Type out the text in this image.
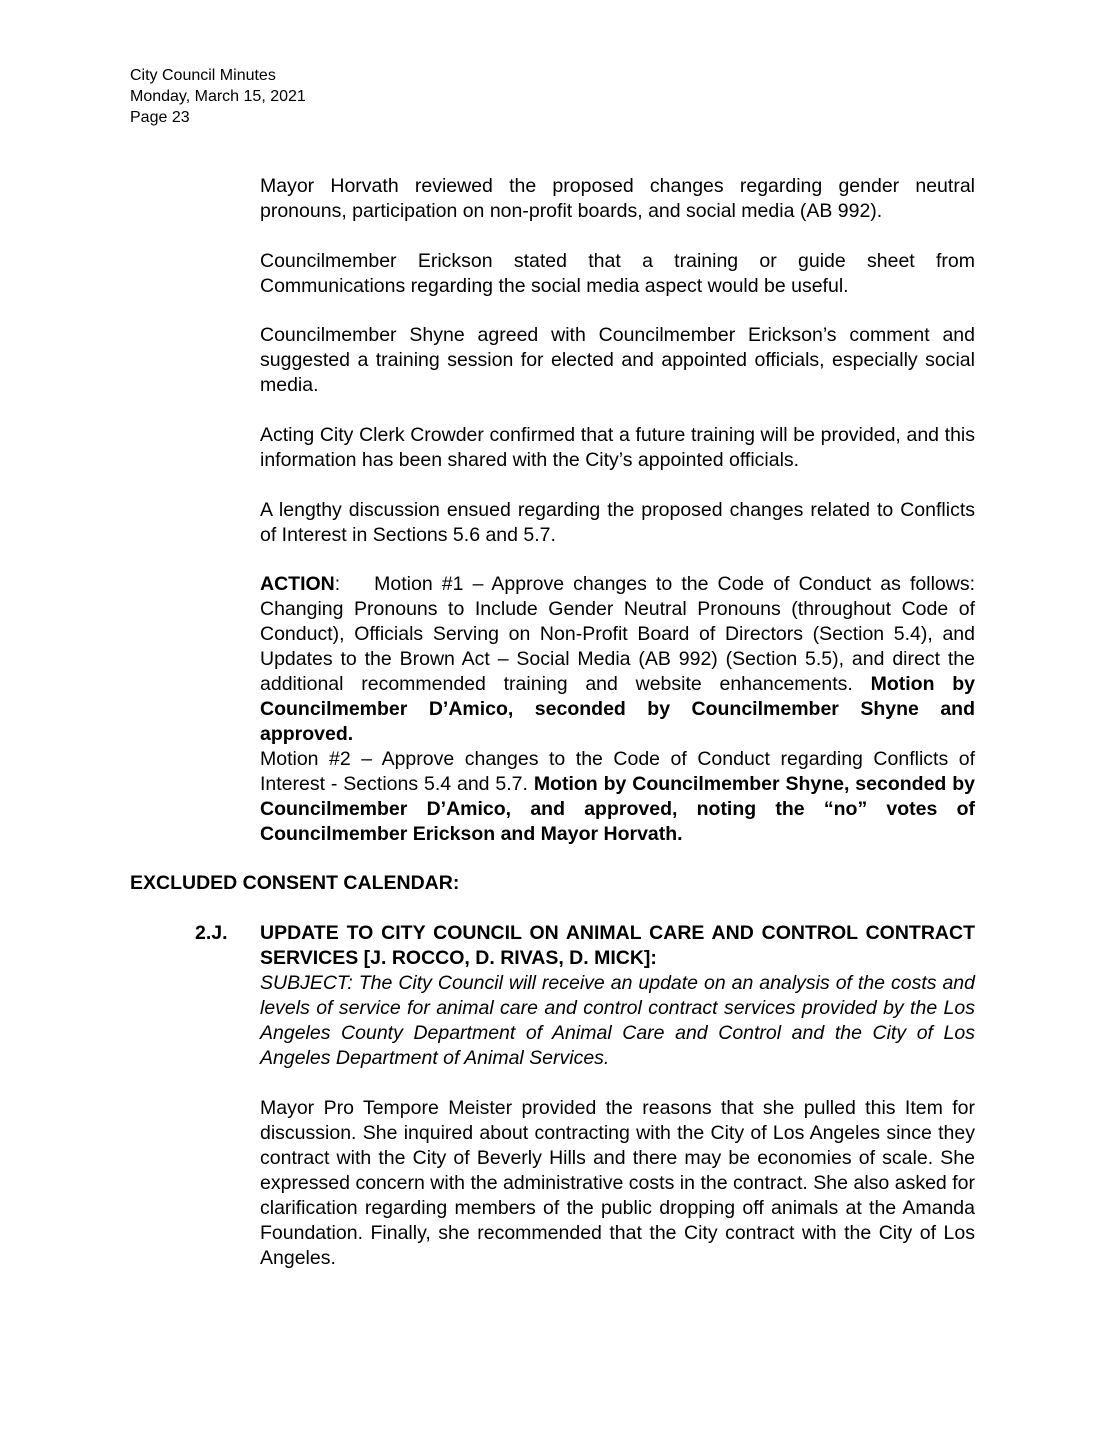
City Council Minutes
Monday, March 15, 2021
Page 23

Mayor Horvath reviewed the proposed changes regarding gender neutral pronouns, participation on non-profit boards, and social media (AB 992).

Councilmember Erickson stated that a training or guide sheet from Communications regarding the social media aspect would be useful.

Councilmember Shyne agreed with Councilmember Erickson’s comment and suggested a training session for elected and appointed officials, especially social media.

Acting City Clerk Crowder confirmed that a future training will be provided, and this information has been shared with the City’s appointed officials.

A lengthy discussion ensued regarding the proposed changes related to Conflicts of Interest in Sections 5.6 and 5.7.

ACTION: Motion #1 – Approve changes to the Code of Conduct as follows: Changing Pronouns to Include Gender Neutral Pronouns (throughout Code of Conduct), Officials Serving on Non-Profit Board of Directors (Section 5.4), and Updates to the Brown Act – Social Media (AB 992) (Section 5.5), and direct the additional recommended training and website enhancements. Motion by Councilmember D’Amico, seconded by Councilmember Shyne and approved.

Motion #2 – Approve changes to the Code of Conduct regarding Conflicts of Interest - Sections 5.4 and 5.7. Motion by Councilmember Shyne, seconded by Councilmember D’Amico, and approved, noting the “no” votes of Councilmember Erickson and Mayor Horvath.

EXCLUDED CONSENT CALENDAR:
2.J. UPDATE TO CITY COUNCIL ON ANIMAL CARE AND CONTROL CONTRACT SERVICES [J. ROCCO, D. RIVAS, D. MICK]:

SUBJECT: The City Council will receive an update on an analysis of the costs and levels of service for animal care and control contract services provided by the Los Angeles County Department of Animal Care and Control and the City of Los Angeles Department of Animal Services.

Mayor Pro Tempore Meister provided the reasons that she pulled this Item for discussion. She inquired about contracting with the City of Los Angeles since they contract with the City of Beverly Hills and there may be economies of scale. She expressed concern with the administrative costs in the contract. She also asked for clarification regarding members of the public dropping off animals at the Amanda Foundation. Finally, she recommended that the City contract with the City of Los Angeles.
